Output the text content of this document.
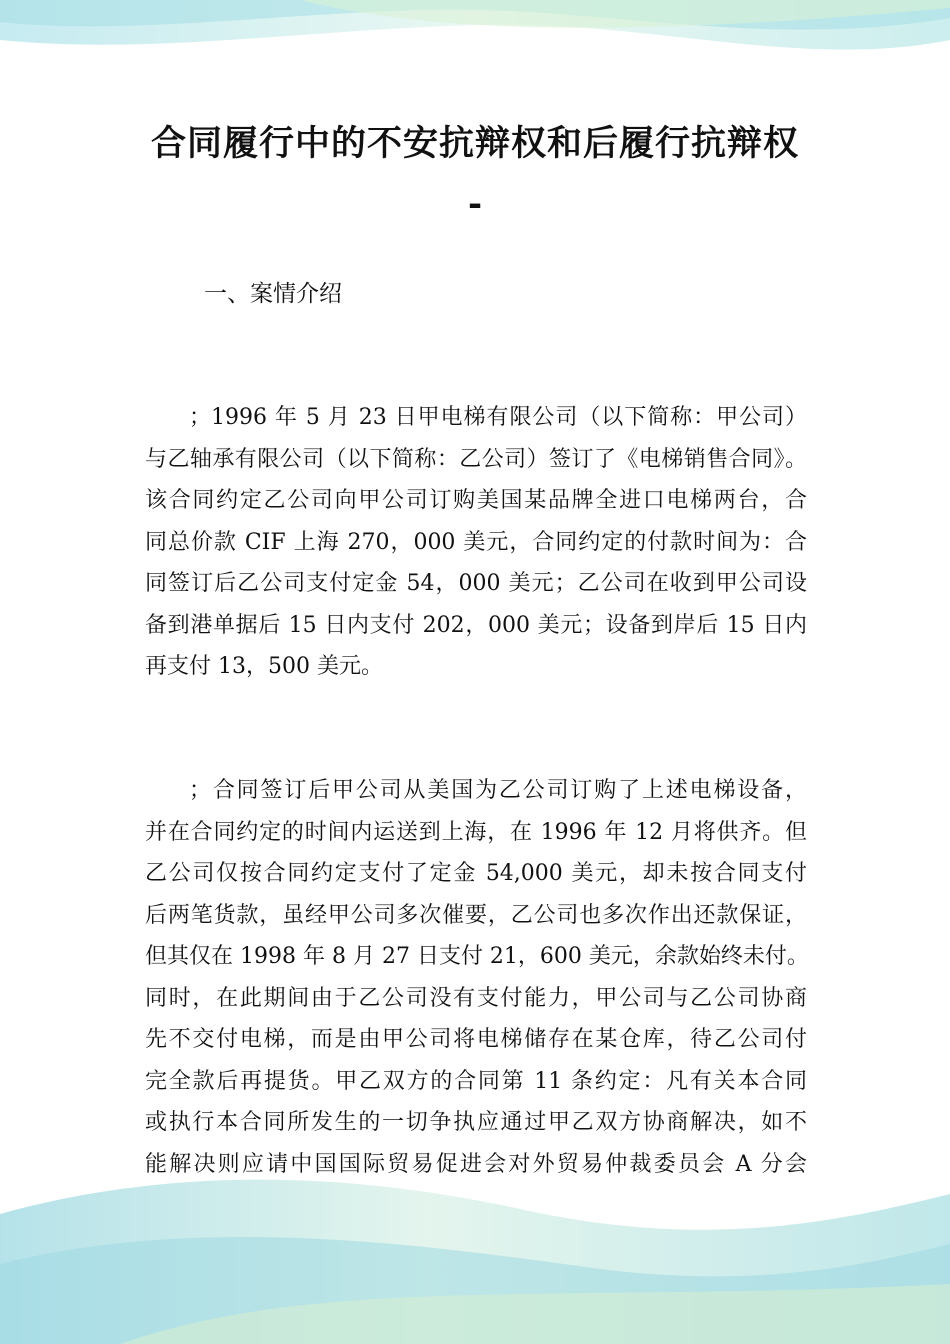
合同履行中的不安抗辩权和后履行抗辩权
-
一、案情介绍
；1996 年 5 月 23 日甲电梯有限公司（以下简称：甲公司）
与乙轴承有限公司（以下简称：乙公司）签订了《电梯销售合同》。
该合同约定乙公司向甲公司订购美国某品牌全进口电梯两台，合
同总价款 CIF 上海 270，000 美元，合同约定的付款时间为：合
同签订后乙公司支付定金 54，000 美元；乙公司在收到甲公司设
备到港单据后 15 日内支付 202，000 美元；设备到岸后 15 日内
再支付 13，500 美元。
；合同签订后甲公司从美国为乙公司订购了上述电梯设备，
并在合同约定的时间内运送到上海，在 1996 年 12 月将供齐。但
乙公司仅按合同约定支付了定金 54,000 美元，却未按合同支付
后两笔货款，虽经甲公司多次催要，乙公司也多次作出还款保证，
但其仅在 1998 年 8 月 27 日支付 21，600 美元，余款始终未付。
同时，在此期间由于乙公司没有支付能力，甲公司与乙公司协商
先不交付电梯，而是由甲公司将电梯储存在某仓库，待乙公司付
完全款后再提货。甲乙双方的合同第 11 条约定：凡有关本合同
或执行本合同所发生的一切争执应通过甲乙双方协商解决，如不
能解决则应请中国国际贸易促进会对外贸易仲裁委员会 A 分会
